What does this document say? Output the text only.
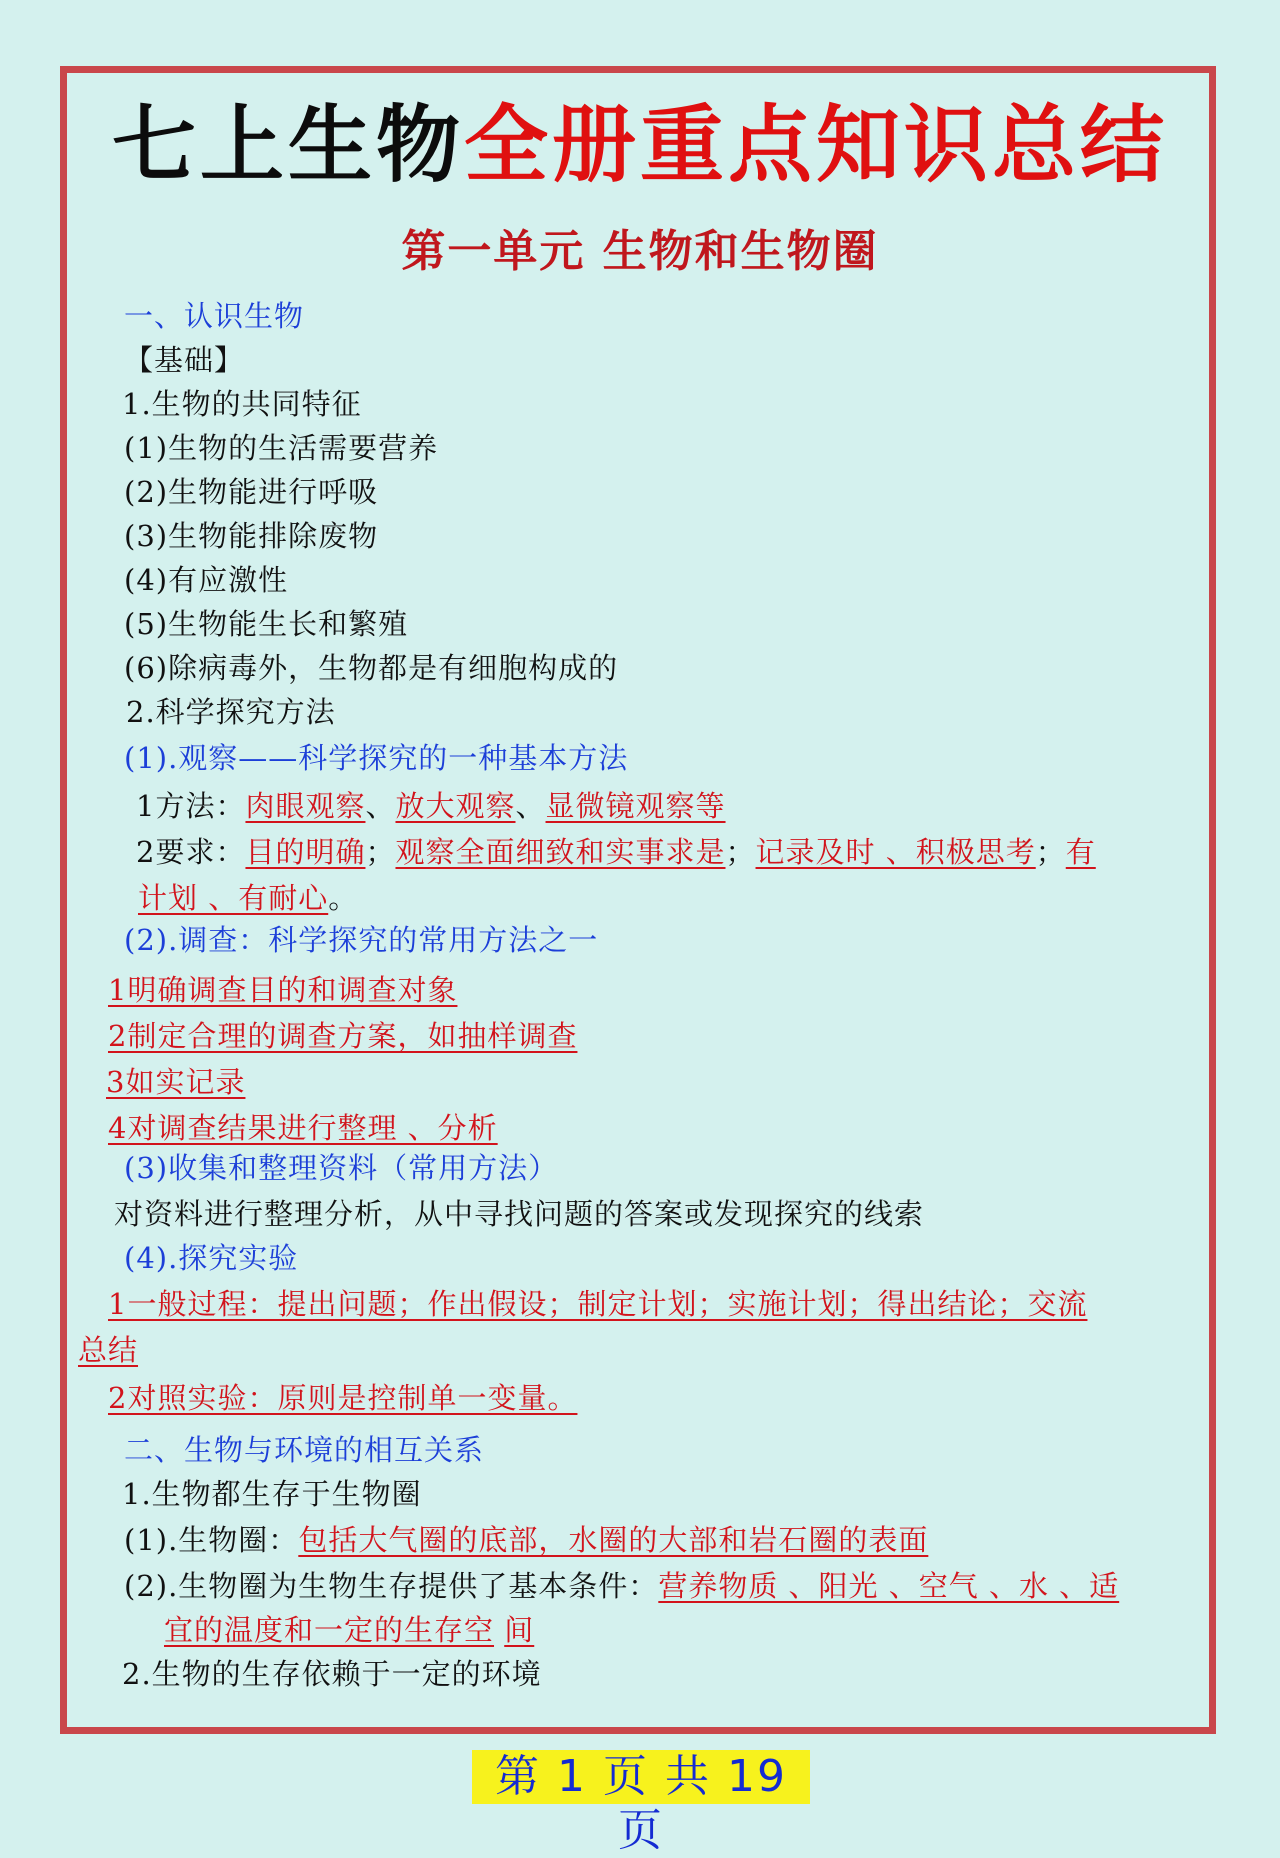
七上生物全册重点知识总结
第一单元 生物和生物圈
一、认识生物
【基础】
1.生物的共同特征
(1)生物的生活需要营养
(2)生物能进行呼吸
(3)生物能排除废物
(4)有应激性
(5)生物能生长和繁殖
(6)除病毒外，生物都是有细胞构成的
2.科学探究方法
(1).观察——科学探究的一种基本方法
1方法：肉眼观察、放大观察、显微镜观察等
2要求：目的明确；观察全面细致和实事求是；记录及时 、积极思考；有
计划 、有耐心。
(2).调查：科学探究的常用方法之一
1明确调查目的和调查对象
2制定合理的调查方案，如抽样调查
3如实记录
4对调查结果进行整理 、分析
(3)收集和整理资料（常用方法）
对资料进行整理分析，从中寻找问题的答案或发现探究的线索
(4).探究实验
1一般过程：提出问题；作出假设；制定计划；实施计划；得出结论；交流
总结
2对照实验：原则是控制单一变量。
二、生物与环境的相互关系
1.生物都生存于生物圈
(1).生物圈：包括大气圈的底部，水圈的大部和岩石圈的表面
(2).生物圈为生物生存提供了基本条件：营养物质 、阳光 、空气 、水 、适
宜的温度和一定的生存空 间
2.生物的生存依赖于一定的环境
第 1 页 共 19 页
